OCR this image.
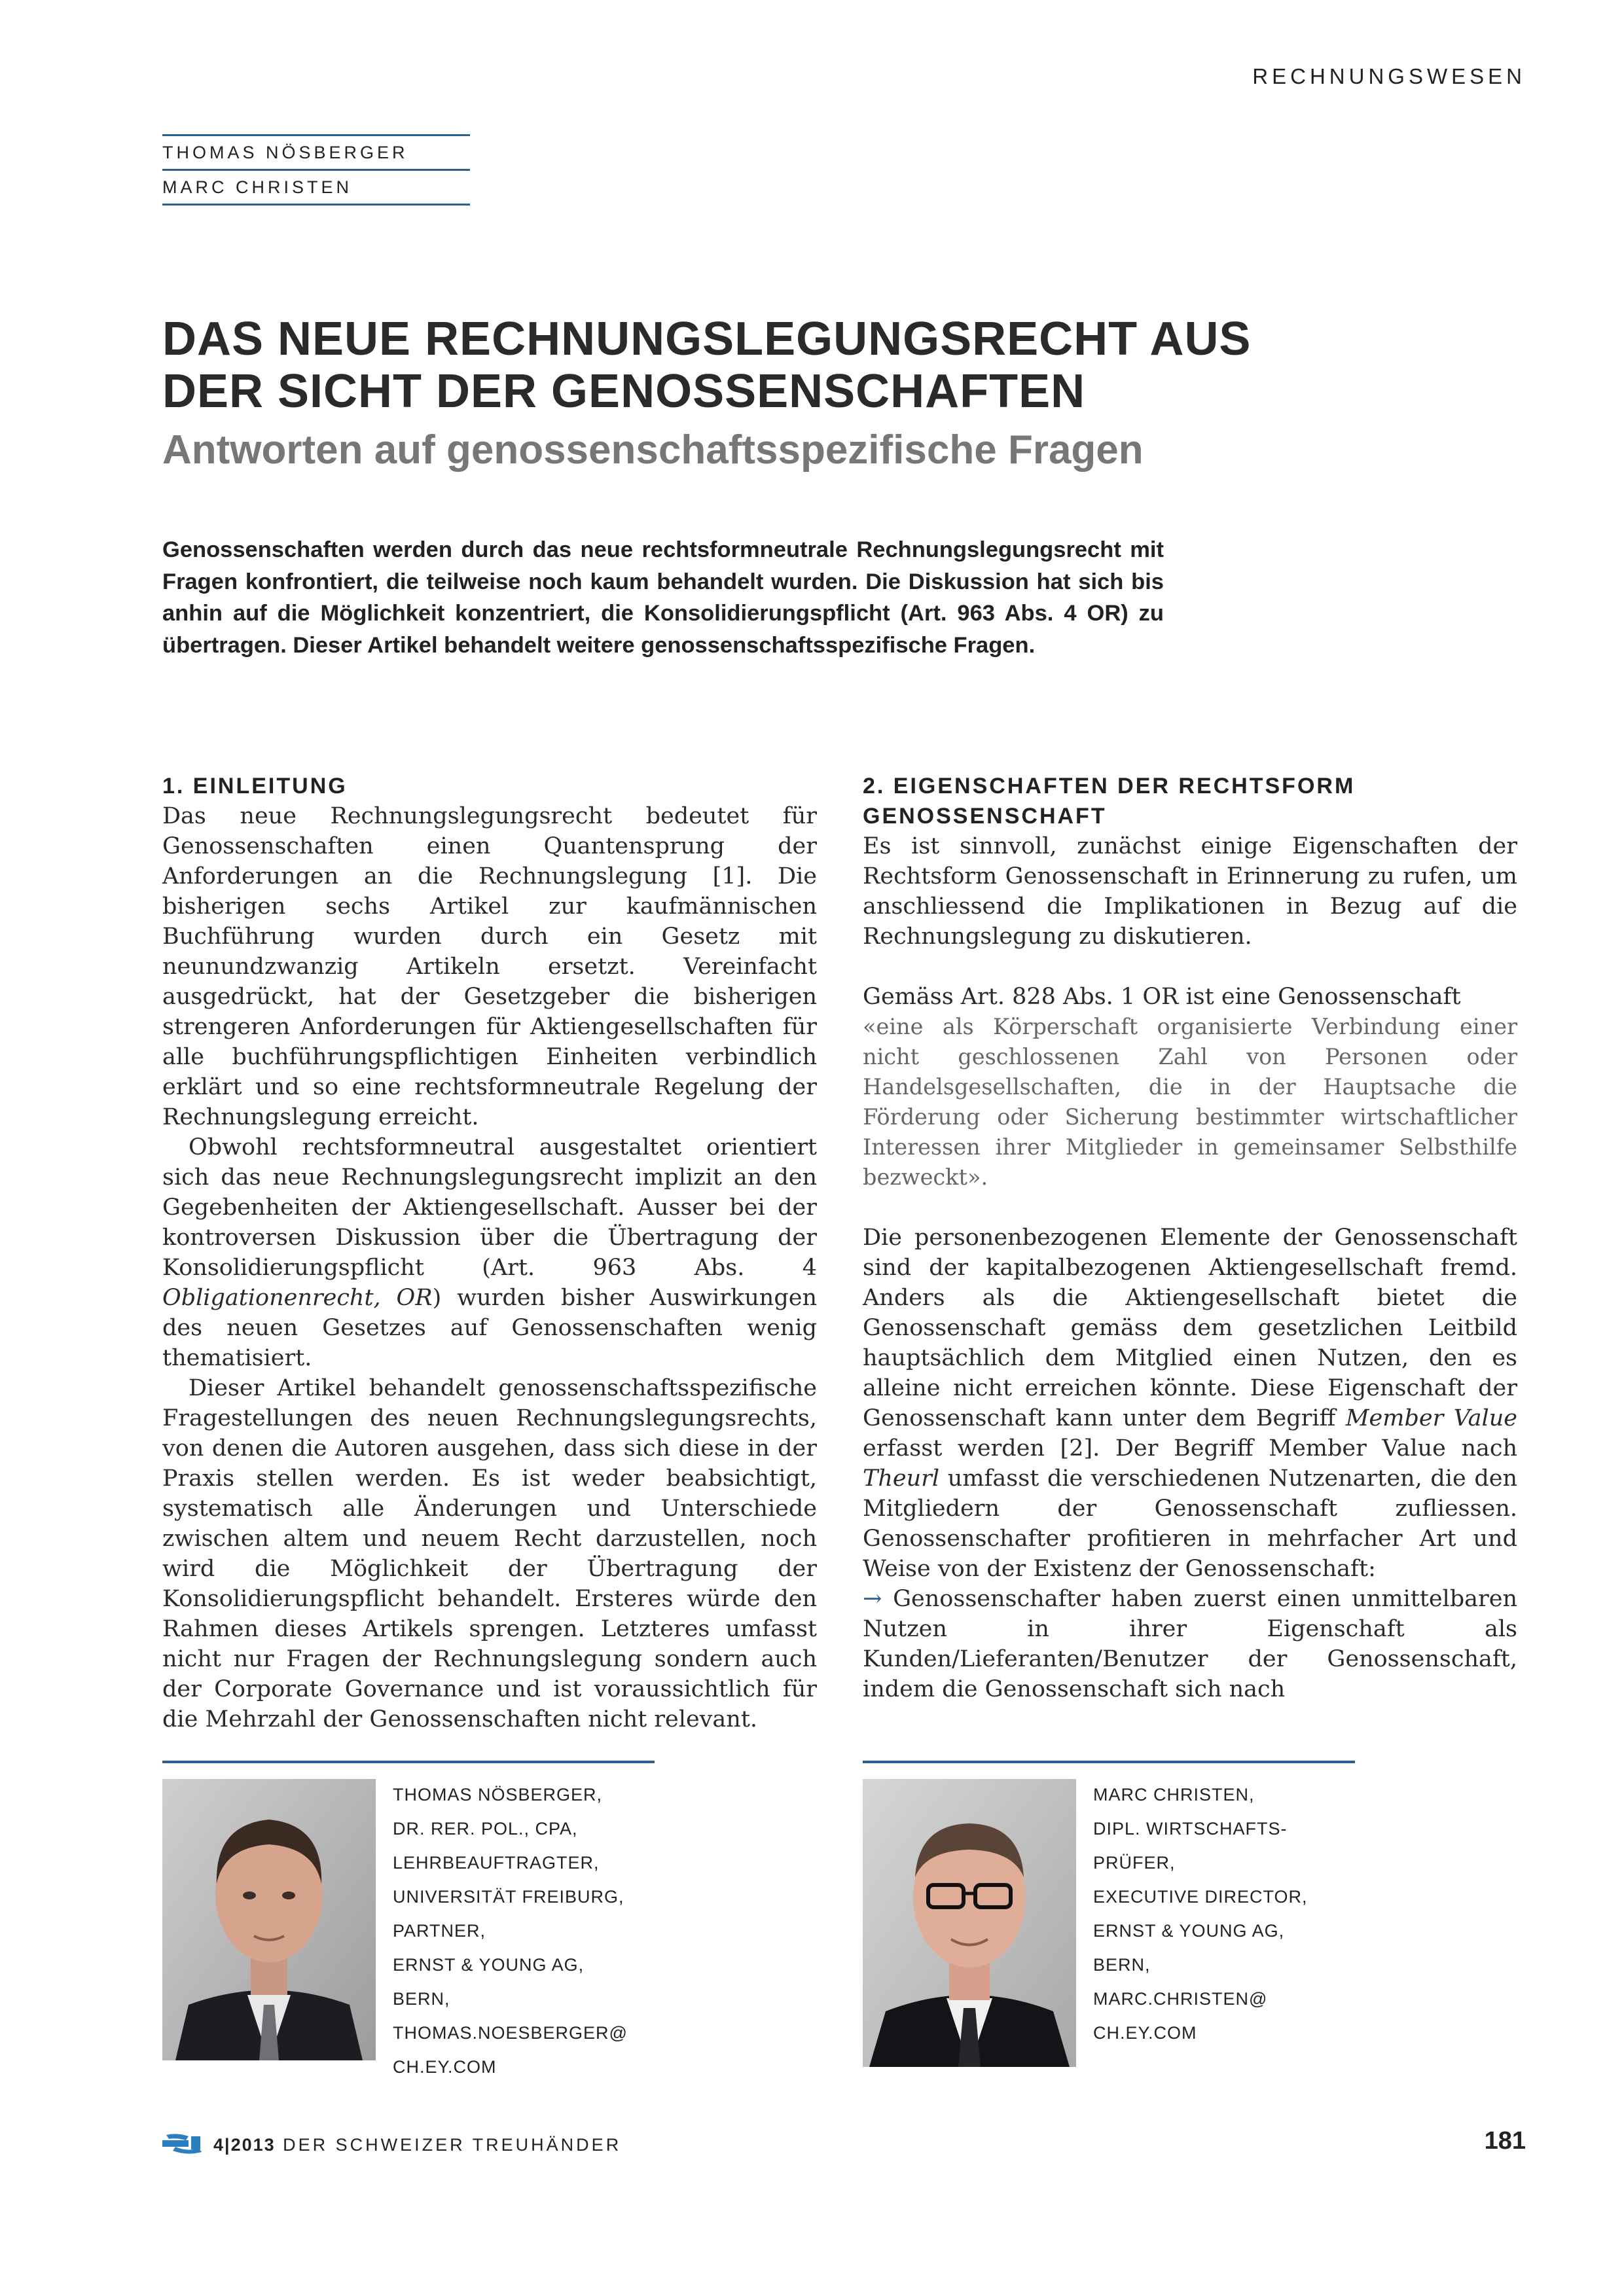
RECHNUNGSWESEN
THOMAS NÖSBERGER
MARC CHRISTEN
DAS NEUE RECHNUNGSLEGUNGSRECHT AUS
DER SICHT DER GENOSSENSCHAFTEN
Antworten auf genossenschaftsspezifische Fragen
Genossenschaften werden durch das neue rechtsformneutrale Rechnungslegungsrecht mit Fragen konfrontiert, die teilweise noch kaum behandelt wurden. Die Diskussion hat sich bis anhin auf die Möglichkeit konzentriert, die Konsolidierungspflicht (Art. 963 Abs. 4 OR) zu übertragen. Dieser Artikel behandelt weitere genossenschaftsspezifische Fragen.
1. EINLEITUNG

Das neue Rechnungslegungsrecht bedeutet für Genossenschaften einen Quantensprung der Anforderungen an die Rechnungslegung [1]. Die bisherigen sechs Artikel zur kaufmännischen Buchführung wurden durch ein Gesetz mit neunundzwanzig Artikeln ersetzt. Vereinfacht ausgedrückt, hat der Gesetzgeber die bisherigen strengeren Anforderungen für Aktiengesellschaften für alle buchführungspflichtigen Einheiten verbindlich erklärt und so eine rechtsformneutrale Regelung der Rechnungslegung erreicht.

Obwohl rechtsformneutral ausgestaltet orientiert sich das neue Rechnungslegungsrecht implizit an den Gegebenheiten der Aktiengesellschaft. Ausser bei der kontroversen Diskussion über die Übertragung der Konsolidierungspflicht (Art. 963 Abs. 4 Obligationenrecht, OR) wurden bisher Auswirkungen des neuen Gesetzes auf Genossenschaften wenig thematisiert.

Dieser Artikel behandelt genossenschaftsspezifische Fragestellungen des neuen Rechnungslegungsrechts, von denen die Autoren ausgehen, dass sich diese in der Praxis stellen werden. Es ist weder beabsichtigt, systematisch alle Änderungen und Unterschiede zwischen altem und neuem Recht darzustellen, noch wird die Möglichkeit der Übertragung der Konsolidierungspflicht behandelt. Ersteres würde den Rahmen dieses Artikels sprengen. Letzteres umfasst nicht nur Fragen der Rechnungslegung sondern auch der Corporate Governance und ist voraussichtlich für die Mehrzahl der Genossenschaften nicht relevant.

2. EIGENSCHAFTEN DER RECHTSFORM
GENOSSENSCHAFT

Es ist sinnvoll, zunächst einige Eigenschaften der Rechtsform Genossenschaft in Erinnerung zu rufen, um anschliessend die Implikationen in Bezug auf die Rechnungslegung zu diskutieren.

Gemäss Art. 828 Abs. 1 OR ist eine Genossenschaft

«eine als Körperschaft organisierte Verbindung einer nicht geschlossenen Zahl von Personen oder Handelsgesellschaften, die in der Hauptsache die Förderung oder Sicherung bestimmter wirtschaftlicher Interessen ihrer Mitglieder in gemeinsamer Selbsthilfe bezweckt».

Die personenbezogenen Elemente der Genossenschaft sind der kapitalbezogenen Aktiengesellschaft fremd. Anders als die Aktiengesellschaft bietet die Genossenschaft gemäss dem gesetzlichen Leitbild hauptsächlich dem Mitglied einen Nutzen, den es alleine nicht erreichen könnte. Diese Eigenschaft der Genossenschaft kann unter dem Begriff Member Value erfasst werden [2]. Der Begriff Member Value nach Theurl umfasst die verschiedenen Nutzenarten, die den Mitgliedern der Genossenschaft zufliessen. Genossenschafter profitieren in mehrfacher Art und Weise von der Existenz der Genossenschaft:

→ Genossenschafter haben zuerst einen unmittelbaren Nutzen in ihrer Eigenschaft als Kunden/Lieferanten/Benutzer der Genossenschaft, indem die Genossenschaft sich nach

THOMAS NÖSBERGER,
DR. RER. POL., CPA,
LEHRBEAUFTRAGTER,
UNIVERSITÄT FREIBURG,
PARTNER,
ERNST & YOUNG AG,
BERN,
THOMAS.NOESBERGER@
CH.EY.COM
MARC CHRISTEN,
DIPL. WIRTSCHAFTS-
PRÜFER,
EXECUTIVE DIRECTOR,
ERNST & YOUNG AG,
BERN,
MARC.CHRISTEN@
CH.EY.COM
4|2013 DER SCHWEIZER TREUHÄNDER	181
